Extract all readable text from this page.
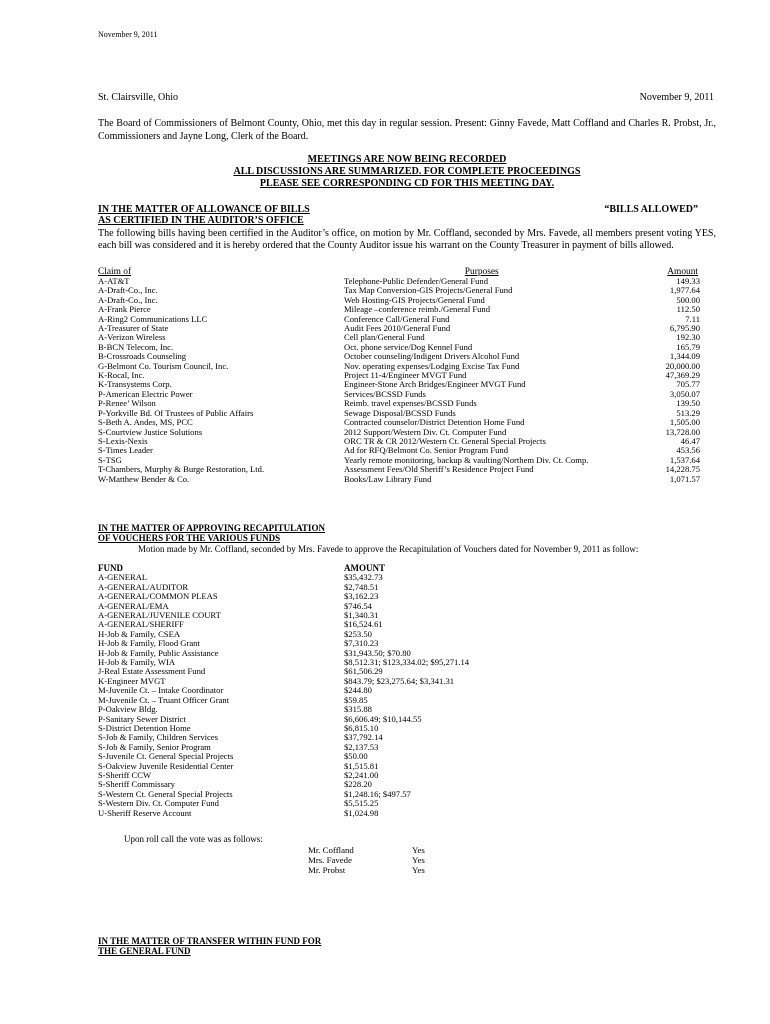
November 9, 2011
St. Clairsville, Ohio	November 9, 2011
The Board of Commissioners of Belmont County, Ohio, met this day in regular session. Present: Ginny Favede, Matt Coffland and Charles R. Probst, Jr., Commissioners and Jayne Long, Clerk of the Board.
MEETINGS ARE NOW BEING RECORDED
ALL DISCUSSIONS ARE SUMMARIZED. FOR COMPLETE PROCEEDINGS
PLEASE SEE CORRESPONDING CD FOR THIS MEETING DAY.
IN THE MATTER OF ALLOWANCE OF BILLS	“BILLS ALLOWED”
AS CERTIFIED IN THE AUDITOR’S OFFICE
The following bills having been certified in the Auditor’s office, on motion by Mr. Coffland, seconded by Mrs. Favede, all members present voting YES, each bill was considered and it is hereby ordered that the County Auditor issue his warrant on the County Treasurer in payment of bills allowed.
Claim of	Purposes	Amount
A-AT&T	Telephone-Public Defender/General Fund	149.33
A-Draft-Co., Inc.	Tax Map Conversion-GIS Projects/General Fund	1,977.64
A-Draft-Co., Inc.	Web Hosting-GIS Projects/General Fund	500.00
A-Frank Pierce	Mileage –conference reimb./General Fund	112.50
A-Ring2 Communications LLC	Conference Call/General Fund	7.11
A-Treasurer of State	Audit Fees 2010/General Fund	6,795.90
A-Verizon Wireless	Cell plan/General Fund	192.30
B-BCN Telecom, Inc.	Oct. phone service/Dog Kennel Fund	165.79
B-Crossroads Counseling	October counseling/Indigent Drivers Alcohol Fund	1,344.09
G-Belmont Co. Tourism Council, Inc.	Nov. operating expenses/Lodging Excise Tax Fund	20,000.00
K-Rocal, Inc.	Project 11-4/Engineer MVGT Fund	47,369.29
K-Transystems Corp.	Engineer-Stone Arch Bridges/Engineer MVGT Fund	705.77
P-American Electric Power	Services/BCSSD Funds	3,050.07
P-Renee’ Wilson	Reimb. travel expenses/BCSSD Funds	139.50
P-Yorkville Bd. Of Trustees of Public Affairs	Sewage Disposal/BCSSD Funds	513.29
S-Beth A. Andes, MS, PCC	Contracted counselor/District Detention Home Fund	1,505.00
S-Courtview Justice Solutions	2012 Support/Western Div. Ct. Computer Fund	13,728.00
S-Lexis-Nexis	ORC TR & CR 2012/Western Ct. General Special Projects	46.47
S-Times Leader	Ad for RFQ/Belmont Co. Senior Program Fund	453.56
S-TSG	Yearly remote monitoring, backup & vaulting/Northem Div. Ct. Comp.	1,537.64
T-Chambers, Murphy & Burge Restoration, Ltd.	Assessment Fees/Old Sheriff’s Residence Project Fund	14,228.75
W-Matthew Bender & Co.	Books/Law Library Fund	1,071.57
IN THE MATTER OF APPROVING RECAPITULATION
OF VOUCHERS FOR THE VARIOUS FUNDS
Motion made by Mr. Coffland, seconded by Mrs. Favede to approve the Recapitulation of Vouchers dated for November 9, 2011 as follow:
FUND	AMOUNT
A-GENERAL	$35,432.73
A-GENERAL/AUDITOR	$2,748.51
A-GENERAL/COMMON PLEAS	$3,162.23
A-GENERAL/EMA	$746.54
A-GENERAL/JUVENILE COURT	$1,340.31
A-GENERAL/SHERIFF	$16,524.61
H-Job & Family, CSEA	$253.50
H-Job & Family, Flood Grant	$7,310.23
H-Job & Family, Public Assistance	$31,943.50; $70.80
H-Job & Family, WIA	$8,512.31; $123,334.02; $95,271.14
J-Real Estate Assessment Fund	$61,506.29
K-Engineer MVGT	$843.79; $23,275.64; $3,341.31
M-Juvenile Ct. – Intake Coordinator	$244.80
M-Juvenile Ct. – Truant Officer Grant	$59.85
P-Oakview Bldg.	$315.88
P-Sanitary Sewer District	$6,606.49; $10,144.55
S-District Detention Home	$6,815.10
S-Job & Family, Children Services	$37,792.14
S-Job & Family, Senior Program	$2,137.53
S-Juvenile Ct. General Special Projects	$50.00
S-Oakview Juvenile Residential Center	$1,515.81
S-Sheriff CCW	$2,241.00
S-Sheriff Commissary	$228.20
S-Western Ct. General Special Projects	$1,248.16; $497.57
S-Western Div. Ct. Computer Fund	$5,515.25
U-Sheriff Reserve Account	$1,024.98
Upon roll call the vote was as follows:
Mr. Coffland	Yes
Mrs. Favede	Yes
Mr. Probst	Yes
IN THE MATTER OF TRANSFER WITHIN FUND FOR
THE GENERAL FUND
